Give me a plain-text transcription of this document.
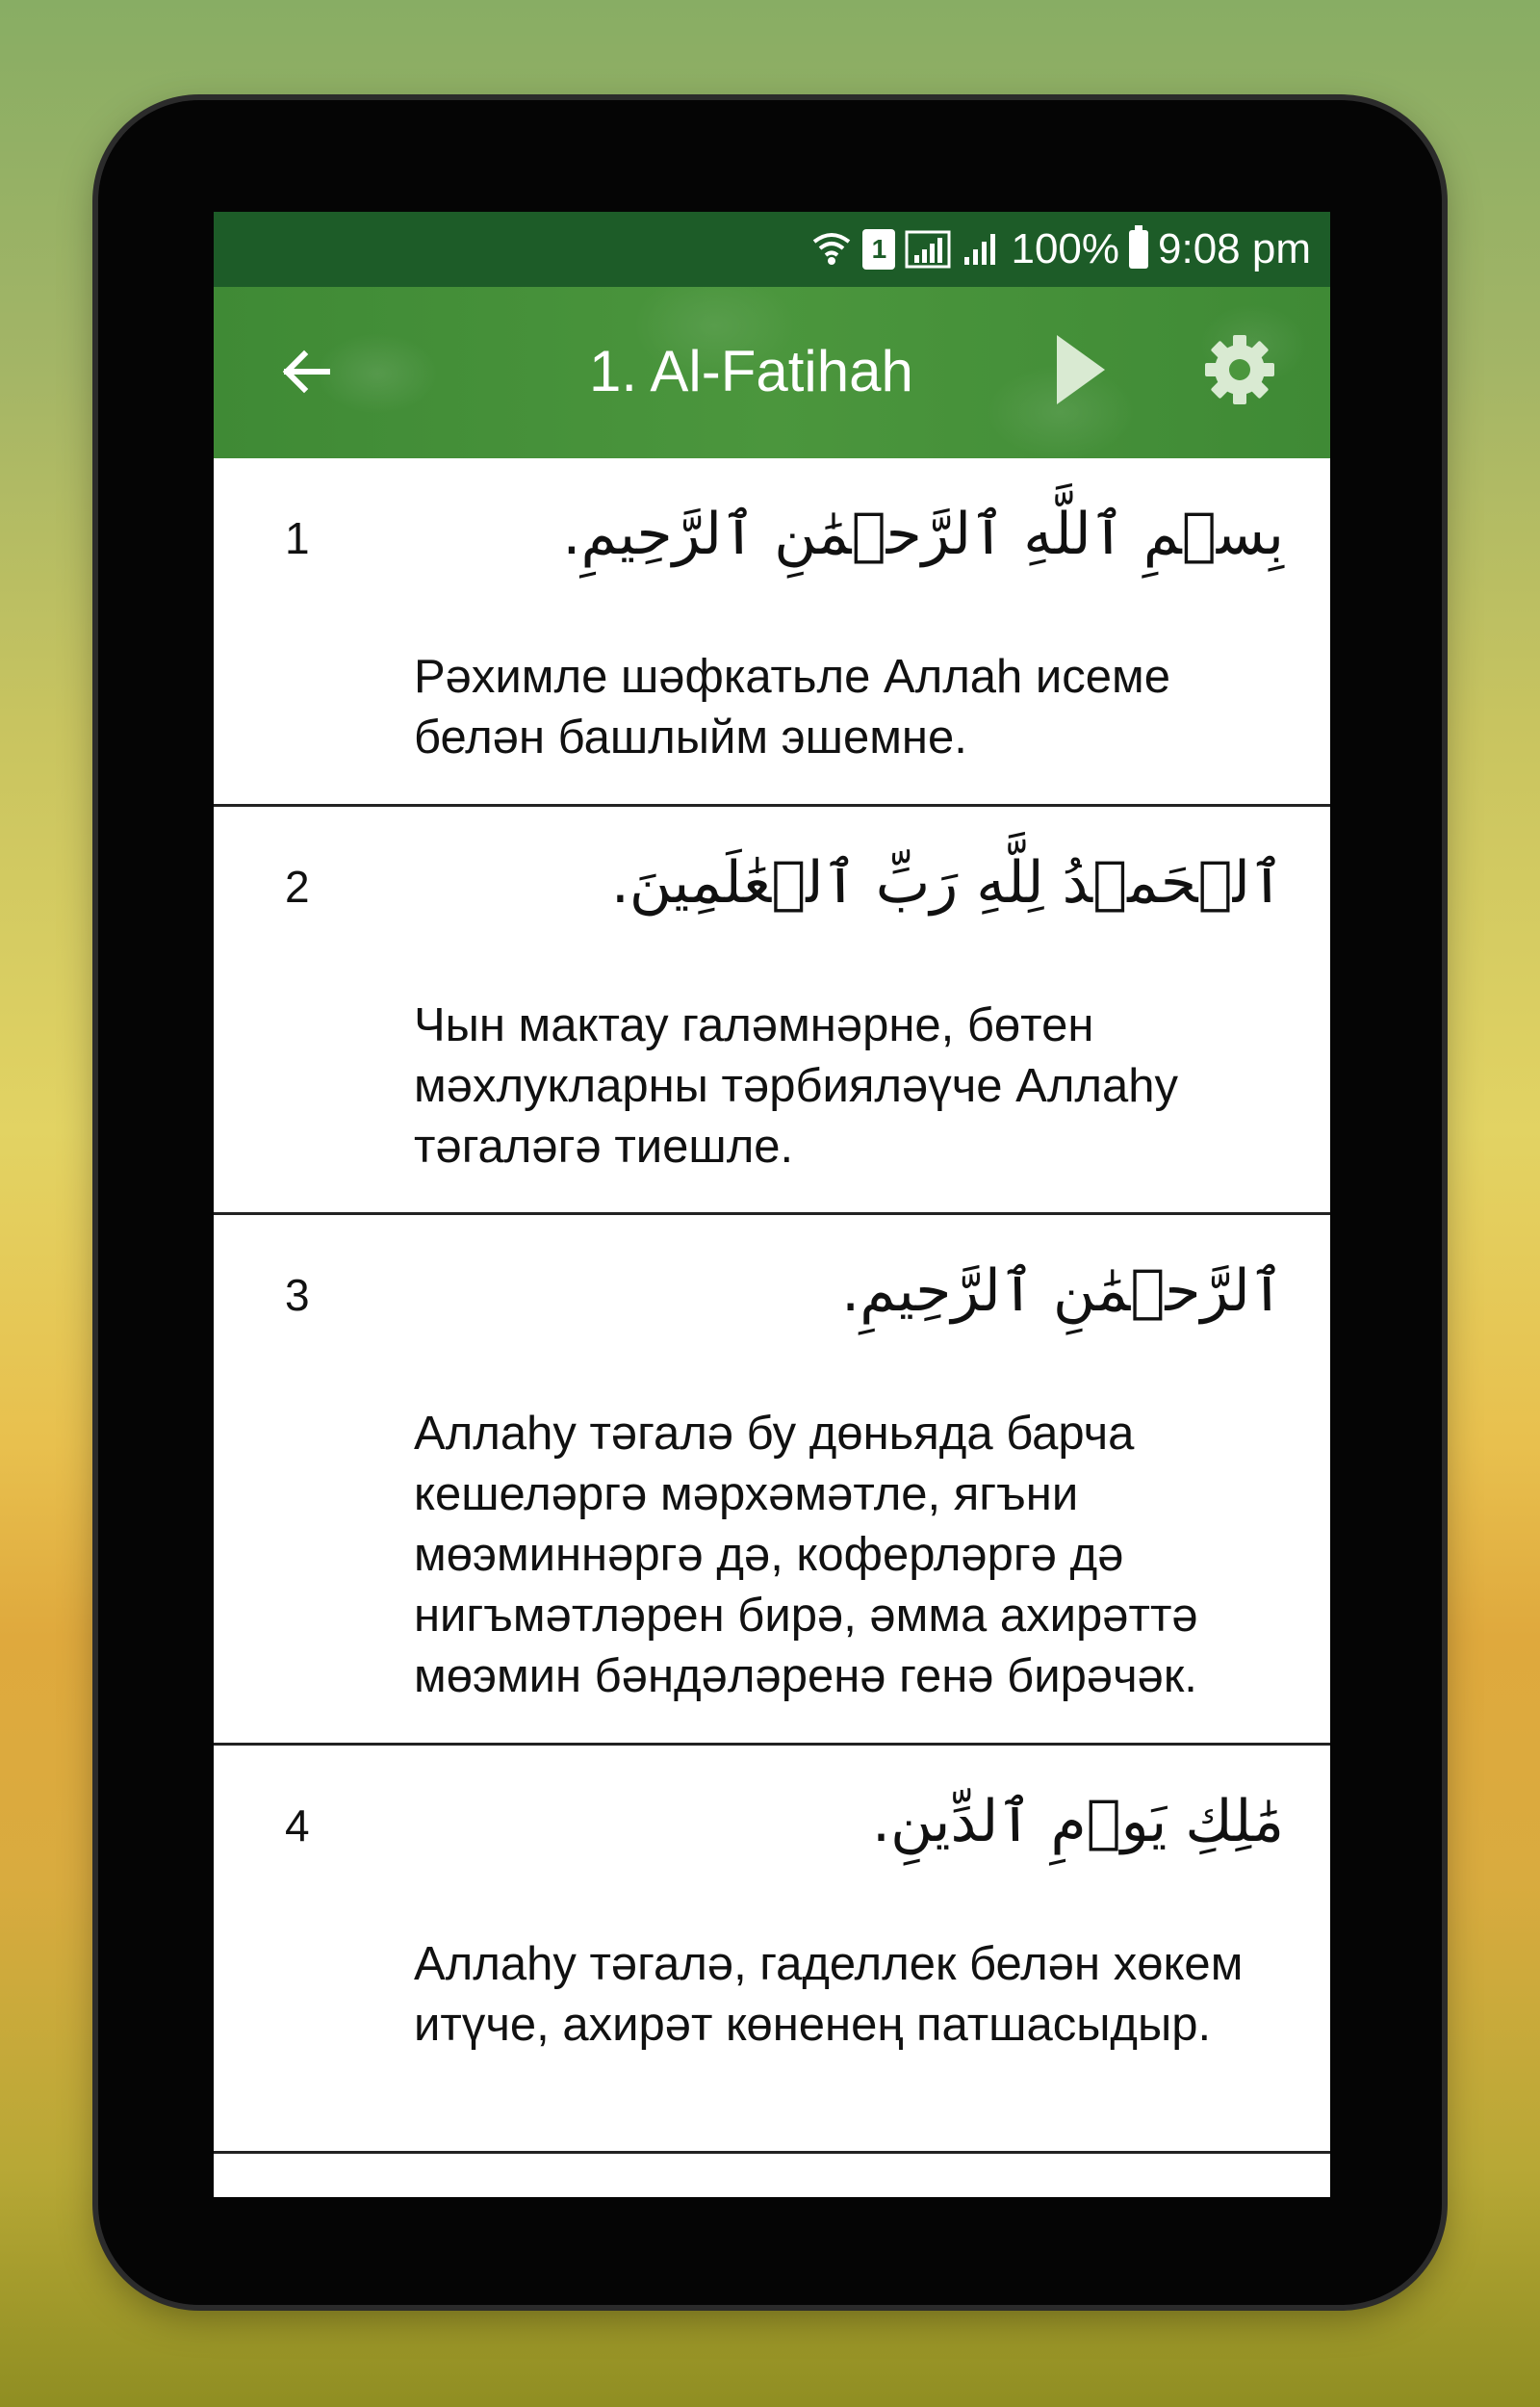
1	100% 9:08 pm
1. Al-Fatihah
1	بِسۡمِ ٱللَّهِ ٱلرَّحۡمَٰنِ ٱلرَّحِيمِ.
Рәхимле шәфкатьле Аллаһ исеме белән башлыйм эшемне.
2	ٱلۡحَمۡدُ لِلَّهِ رَبِّ ٱلۡعَٰلَمِينَ.
Чын мактау галәмнәрне, бөтен мәхлукларны тәрбияләүче Аллаһу тәгаләгә тиешле.
3	ٱلرَّحۡمَٰنِ ٱلرَّحِيمِ.
Аллаһу тәгалә бу дөньяда барча кешеләргә мәрхәмәтле, ягъни мөэминнәргә дә, коферләргә дә нигъмәтләрен бирә, әмма ахирәттә мөэмин бәндәләренә генә бирәчәк.
4	مَٰلِكِ يَوۡمِ ٱلدِّينِ.
Аллаһу тәгалә, гаделлек белән хөкем итүче, ахирәт көненең патшасыдыр.
